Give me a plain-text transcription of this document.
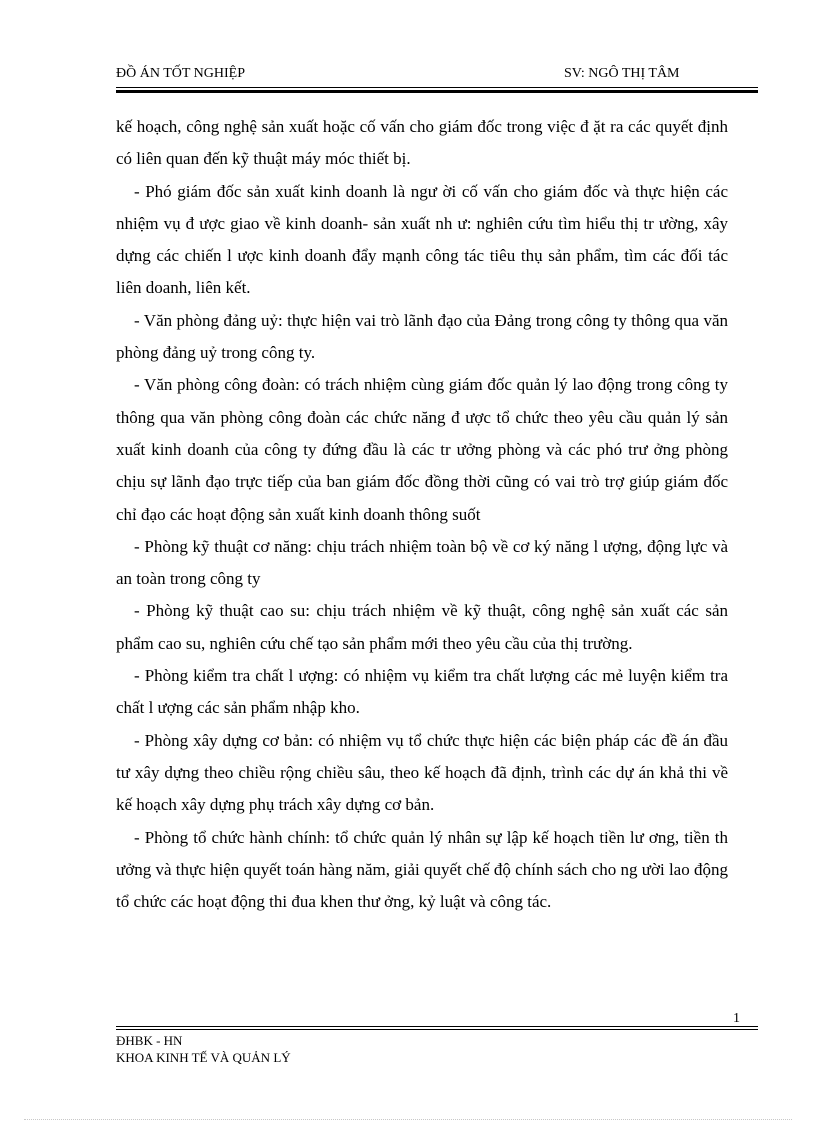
ĐỒ ÁN TỐT NGHIỆP	SV: NGÔ THỊ TÂM

kế hoạch, công nghệ sản xuất hoặc cố vấn cho giám đốc trong việc đ ặt ra các quyết định có liên quan đến kỹ thuật máy móc thiết bị.

- Phó giám đốc sản xuất kinh doanh là ngư ời cố vấn cho giám đốc và thực hiện các nhiệm vụ đ ược giao về kinh doanh- sản xuất nh ư: nghiên cứu tìm hiểu thị tr ường, xây dựng các chiến l ược kinh doanh đẩy mạnh công tác tiêu thụ sản phẩm, tìm các đối tác liên doanh, liên kết.

- Văn phòng đảng uỷ: thực hiện vai trò lãnh đạo của Đảng trong công ty thông qua văn phòng đảng uỷ trong công ty.

- Văn phòng công đoàn: có trách nhiệm cùng giám đốc quản lý lao động trong công ty thông qua văn phòng công đoàn các chức năng đ ược tổ chức theo yêu cầu quản lý sản xuất kinh doanh của công ty đứng đầu là các tr ưởng phòng và các phó trư ởng phòng chịu sự lãnh đạo trực tiếp của ban giám đốc đồng thời cũng có vai trò trợ giúp giám đốc chỉ đạo các hoạt động sản xuất kinh doanh thông suốt

- Phòng kỹ thuật cơ năng: chịu trách nhiệm toàn bộ về cơ ký năng l ượng, động lực và an toàn trong công ty

- Phòng kỹ thuật cao su: chịu trách nhiệm về kỹ thuật, công nghệ sản xuất các sản phẩm cao su, nghiên cứu chế tạo sản phẩm mới theo yêu cầu của thị trường.

- Phòng kiểm tra chất l ượng: có nhiệm vụ kiểm tra chất lượng các mẻ luyện kiểm tra chất l ượng các sản phẩm nhập kho.

- Phòng xây dựng cơ bản: có nhiệm vụ tổ chức thực hiện các biện pháp các đề án đầu tư xây dựng theo chiều rộng chiều sâu, theo kế hoạch đã định, trình các dự án khả thi về kế hoạch xây dựng phụ trách xây dựng cơ bản.

- Phòng tổ chức hành chính: tổ chức quản lý nhân sự lập kế hoạch tiền lư ơng, tiền th ưởng và thực hiện quyết toán hàng năm, giải quyết chế độ chính sách cho ng ười lao động tổ chức các hoạt động thi đua khen thư ởng, kỷ luật và công tác.

1
ĐHBK - HN
KHOA KINH TẾ VÀ QUẢN LÝ
